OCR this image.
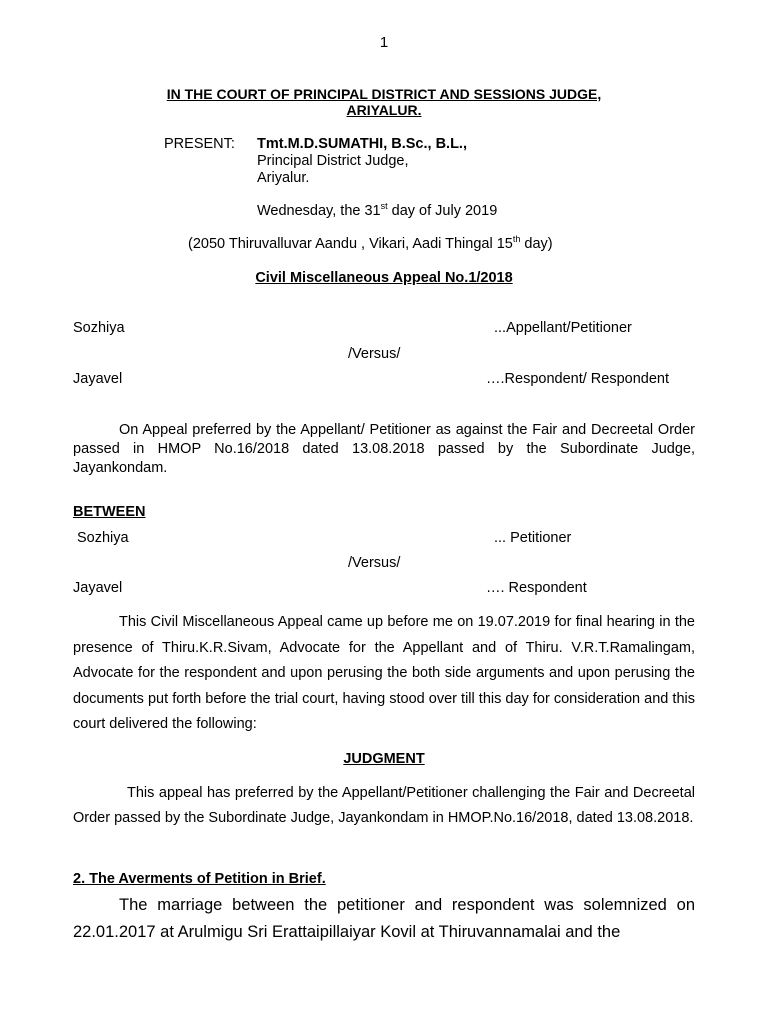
1
IN THE COURT OF PRINCIPAL DISTRICT AND SESSIONS JUDGE,
ARIYALUR.
PRESENT: Tmt.M.D.SUMATHI, B.Sc., B.L.,
Principal District Judge,
Ariyalur.
Wednesday, the 31st day of July 2019
(2050 Thiruvalluvar Aandu , Vikari, Aadi Thingal 15th day)
Civil Miscellaneous Appeal No.1/2018
Sozhiya	...Appellant/Petitioner
/Versus/
Jayavel	….Respondent/ Respondent
On Appeal preferred by the Appellant/ Petitioner as against the Fair and Decreetal Order passed in HMOP No.16/2018 dated 13.08.2018 passed by the Subordinate Judge, Jayankondam.
BETWEEN
Sozhiya	... Petitioner
/Versus/
Jayavel	…. Respondent
This Civil Miscellaneous Appeal came up before me on 19.07.2019 for final hearing in the presence of Thiru.K.R.Sivam, Advocate for the Appellant and of Thiru. V.R.T.Ramalingam, Advocate for the respondent and upon perusing the both side arguments and upon perusing the documents put forth before the trial court, having stood over till this day for consideration and this court delivered the following:
JUDGMENT
This appeal has preferred by the Appellant/Petitioner challenging the Fair and Decreetal Order passed by the Subordinate Judge, Jayankondam in HMOP.No.16/2018, dated 13.08.2018.
2. The Averments of Petition in Brief.
The marriage between the petitioner and respondent was solemnized on 22.01.2017 at Arulmigu Sri Erattaipillaiyar Kovil at Thiruvannamalai and the
